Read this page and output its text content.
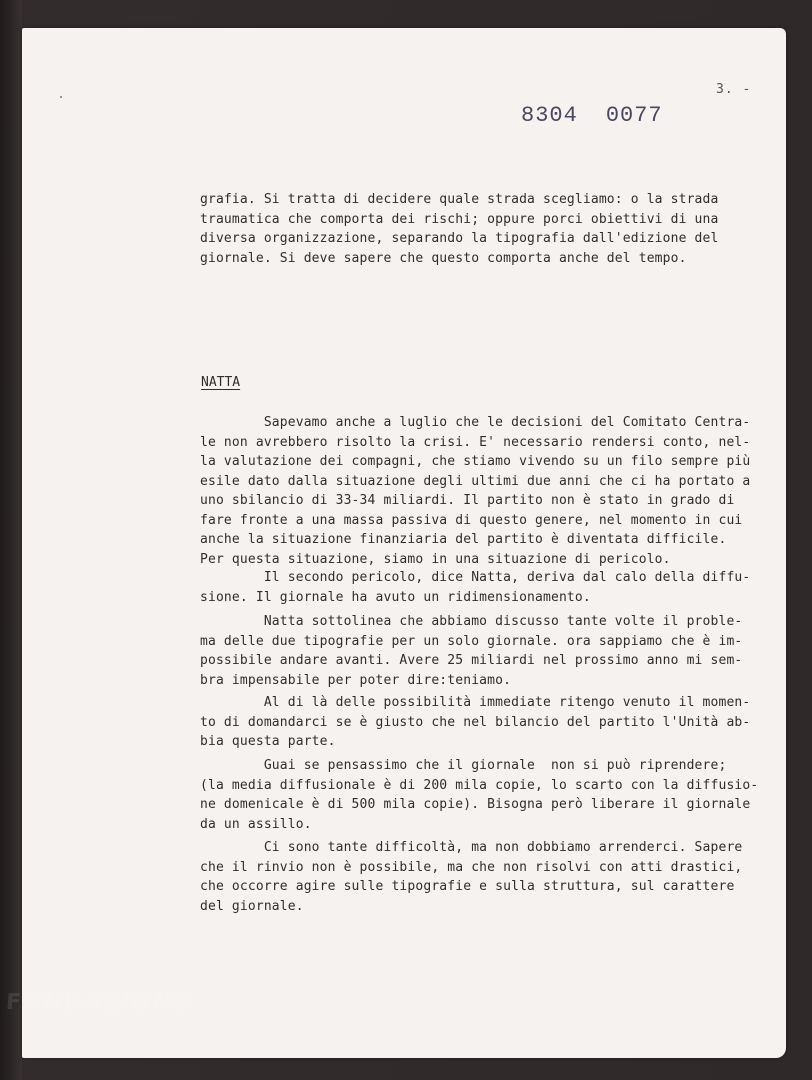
3. -
8304 0077
grafia. Si tratta di decidere quale strada scegliamo: o la strada
traumatica che comporta dei rischi; oppure porci obiettivi di una
diversa organizzazione, separando la tipografia dall'edizione del
giornale. Si deve sapere che questo comporta anche del tempo.
NATTA
Sapevamo anche a luglio che le decisioni del Comitato Centra-
le non avrebbero risolto la crisi. E' necessario rendersi conto, nel-
la valutazione dei compagni, che stiamo vivendo su un filo sempre più
esile dato dalla situazione degli ultimi due anni che ci ha portato a
uno sbilancio di 33-34 miliardi. Il partito non è stato in grado di
fare fronte a una massa passiva di questo genere, nel momento in cui
anche la situazione finanziaria del partito è diventata difficile.
Per questa situazione, siamo in una situazione di pericolo.
Il secondo pericolo, dice Natta, deriva dal calo della diffu-
sione. Il giornale ha avuto un ridimensionamento.
Natta sottolinea che abbiamo discusso tante volte il proble-
ma delle due tipografie per un solo giornale. ora sappiamo che è im-
possibile andare avanti. Avere 25 miliardi nel prossimo anno mi sem-
bra impensabile per poter dire:teniamo.
Al di là delle possibilità immediate ritengo venuto il momen-
to di domandarci se è giusto che nel bilancio del partito l'Unità ab-
bia questa parte.
Guai se pensassimo che il giornale  non si può riprendere;
(la media diffusionale è di 200 mila copie, lo scarto con la diffusio-
ne domenicale è di 500 mila copie). Bisogna però liberare il giornale
da un assillo.
Ci sono tante difficoltà, ma non dobbiamo arrenderci. Sapere
che il rinvio non è possibile, ma che non risolvi con atti drastici,
che occorre agire sulle tipografie e sulla struttura, sul carattere
del giornale.
FONDAZIONE
